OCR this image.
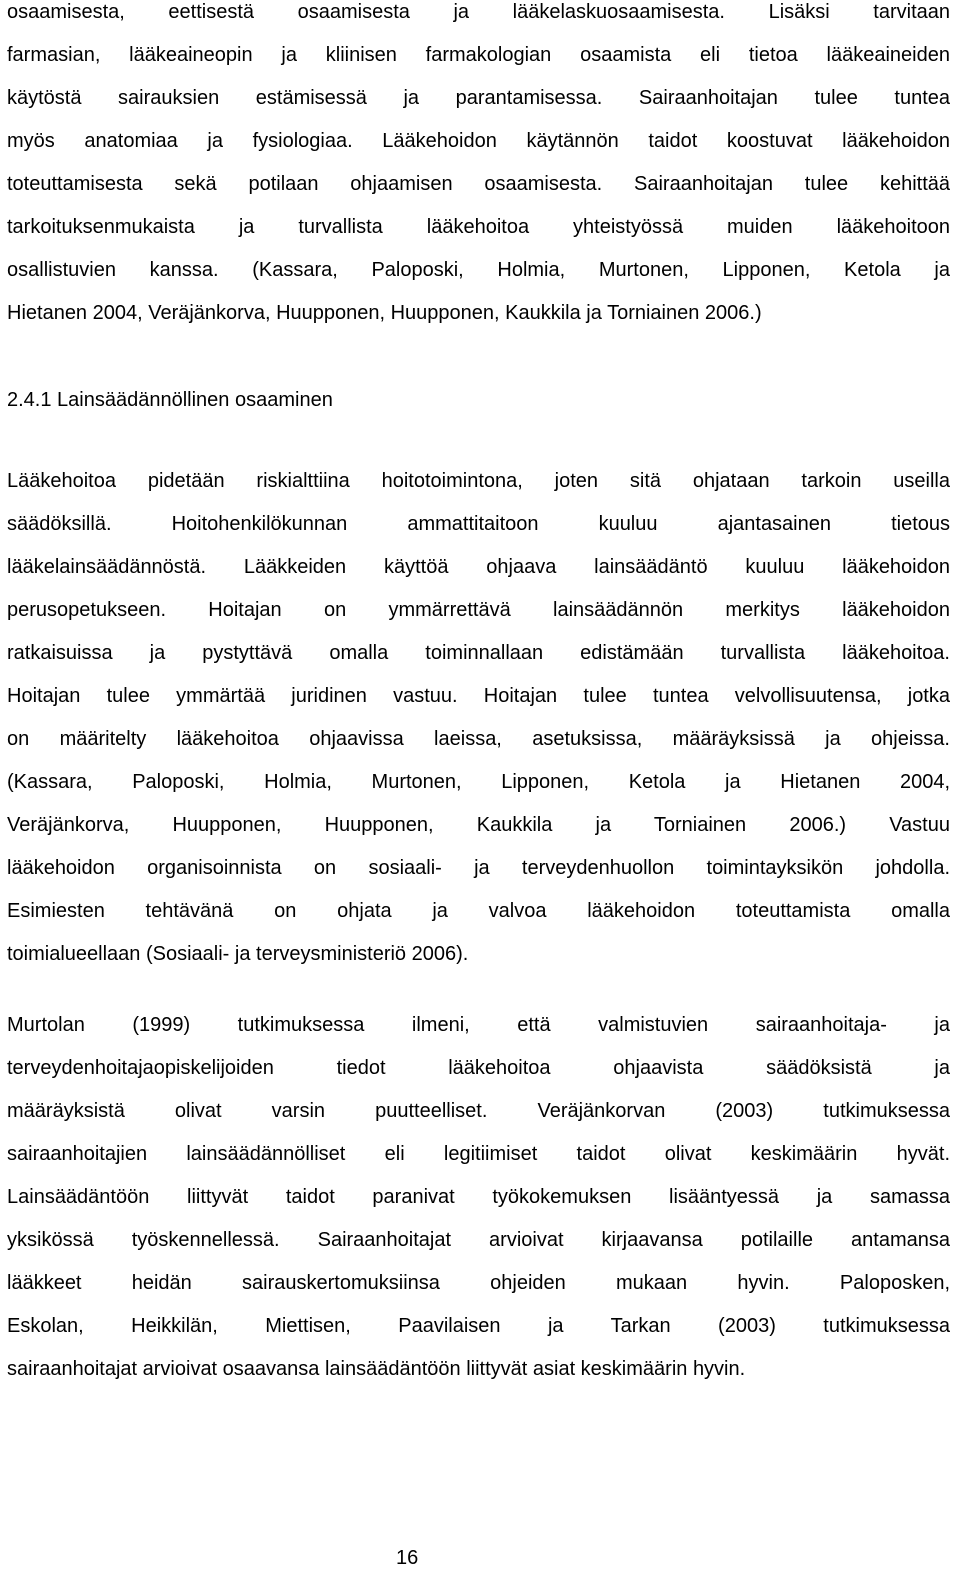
osaamisesta, eettisestä osaamisesta ja lääkelaskuosaamisesta. Lisäksi tarvitaan
farmasian, lääkeaineopin ja kliinisen farmakologian osaamista eli tietoa lääkeaineiden
käytöstä sairauksien estämisessä ja parantamisessa. Sairaanhoitajan tulee tuntea
myös anatomiaa ja fysiologiaa. Lääkehoidon käytännön taidot koostuvat lääkehoidon
toteuttamisesta sekä potilaan ohjaamisen osaamisesta. Sairaanhoitajan tulee kehittää
tarkoituksenmukaista ja turvallista lääkehoitoa yhteistyössä muiden lääkehoitoon
osallistuvien kanssa. (Kassara, Paloposki, Holmia, Murtonen, Lipponen, Ketola ja
Hietanen 2004, Veräjänkorva, Huupponen, Huupponen, Kaukkila ja Torniainen 2006.)
2.4.1 Lainsäädännöllinen osaaminen
Lääkehoitoa pidetään riskialttiina hoitotoimintona, joten sitä ohjataan tarkoin useilla
säädöksillä. Hoitohenkilökunnan ammattitaitoon kuuluu ajantasainen tietous
lääkelainsäädännöstä. Lääkkeiden käyttöä ohjaava lainsäädäntö kuuluu lääkehoidon
perusopetukseen. Hoitajan on ymmärrettävä lainsäädännön merkitys lääkehoidon
ratkaisuissa ja pystyttävä omalla toiminnallaan edistämään turvallista lääkehoitoa.
Hoitajan tulee ymmärtää juridinen vastuu. Hoitajan tulee tuntea velvollisuutensa, jotka
on määritelty lääkehoitoa ohjaavissa laeissa, asetuksissa, määräyksissä ja ohjeissa.
(Kassara, Paloposki, Holmia, Murtonen, Lipponen, Ketola ja Hietanen 2004,
Veräjänkorva, Huupponen, Huupponen, Kaukkila ja Torniainen 2006.) Vastuu
lääkehoidon organisoinnista on sosiaali- ja terveydenhuollon toimintayksikön johdolla.
Esimiesten tehtävänä on ohjata ja valvoa lääkehoidon toteuttamista omalla
toimialueellaan (Sosiaali- ja terveysministeriö 2006).
Murtolan (1999) tutkimuksessa ilmeni, että valmistuvien sairaanhoitaja- ja
terveydenhoitajaopiskelijoiden tiedot lääkehoitoa ohjaavista säädöksistä ja
määräyksistä olivat varsin puutteelliset. Veräjänkorvan (2003) tutkimuksessa
sairaanhoitajien lainsäädännölliset eli legitiimiset taidot olivat keskimäärin hyvät.
Lainsäädäntöön liittyvät taidot paranivat työkokemuksen lisääntyessä ja samassa
yksikössä työskennellessä. Sairaanhoitajat arvioivat kirjaavansa potilaille antamansa
lääkkeet heidän sairauskertomuksiinsa ohjeiden mukaan hyvin. Paloposken,
Eskolan, Heikkilän, Miettisen, Paavilaisen ja Tarkan (2003) tutkimuksessa
sairaanhoitajat arvioivat osaavansa lainsäädäntöön liittyvät asiat keskimäärin hyvin.
16
